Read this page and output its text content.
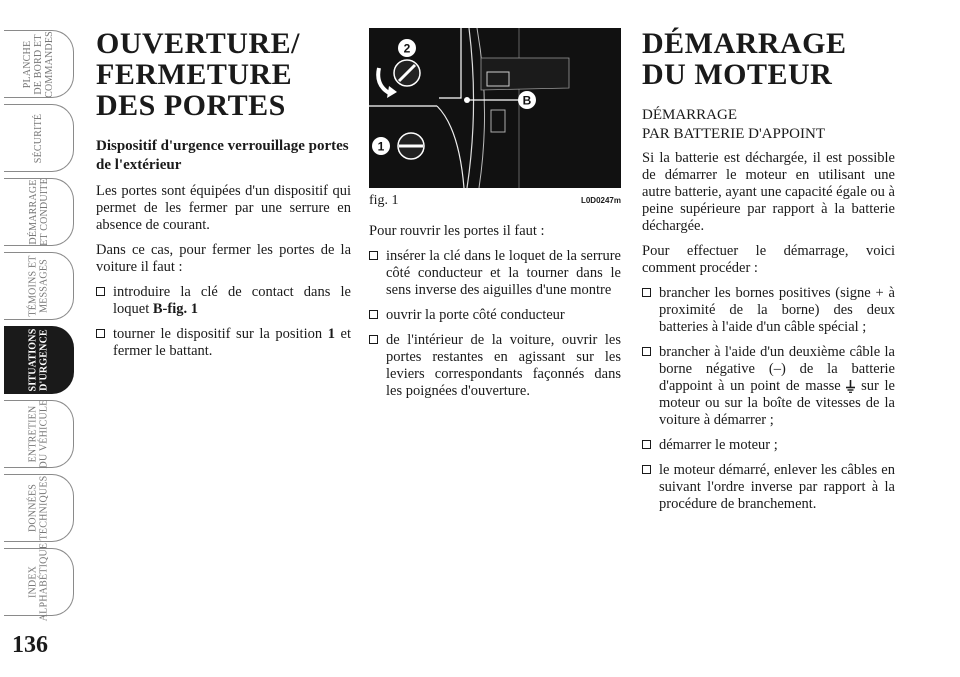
PLANCHE
DE BORD ET
COMMANDES
SÉCURITÉ
DÉMARRAGE
ET CONDUITE
TÉMOINS ET
MESSAGES
SITUATIONS
D'URGENCE
ENTRETIEN
DU VÉHICULE
DONNÉES
TECHNIQUES
INDEX
ALPHABÉTIQUE
136
OUVERTURE/
FERMETURE
DES PORTES
Dispositif d'urgence verrouillage portes de l'extérieur

Les portes sont équipées d'un dispositif qui permet de les fermer par une serrure en absence de courant.

Dans ce cas, pour fermer les portes de la voiture il faut :

introduire la clé de contact dans le loquet B-fig. 1
tourner le dispositif sur la position 1 et fermer le battant.
2
1
B
fig. 1	L0D0247m

Pour rouvrir les portes il faut :

insérer la clé dans le loquet de la serrure côté conducteur et la tourner dans le sens inverse des aiguilles d'une montre
ouvrir la porte côté conducteur
de l'intérieur de la voiture, ouvrir les portes restantes en agissant sur les leviers correspondants façonnés dans les poignées d'ouverture.
DÉMARRAGE
DU MOTEUR
DÉMARRAGE
PAR BATTERIE D'APPOINT

Si la batterie est déchargée, il est possible de démarrer le moteur en utilisant une autre batterie, ayant une capacité égale ou à peine supérieure par rapport à la batterie déchargée.

Pour effectuer le démarrage, voici comment procéder :

brancher les bornes positives (signe + à proximité de la borne) des deux batteries à l'aide d'un câble spécial ;
brancher à l'aide d'un deuxième câble la borne négative (–) de la batterie d'appoint à un point de masse  sur le moteur ou sur la boîte de vitesses de la voiture à démarrer ;
démarrer le moteur ;
le moteur démarré, enlever les câbles en suivant l'ordre inverse par rapport à la procédure de branchement.
